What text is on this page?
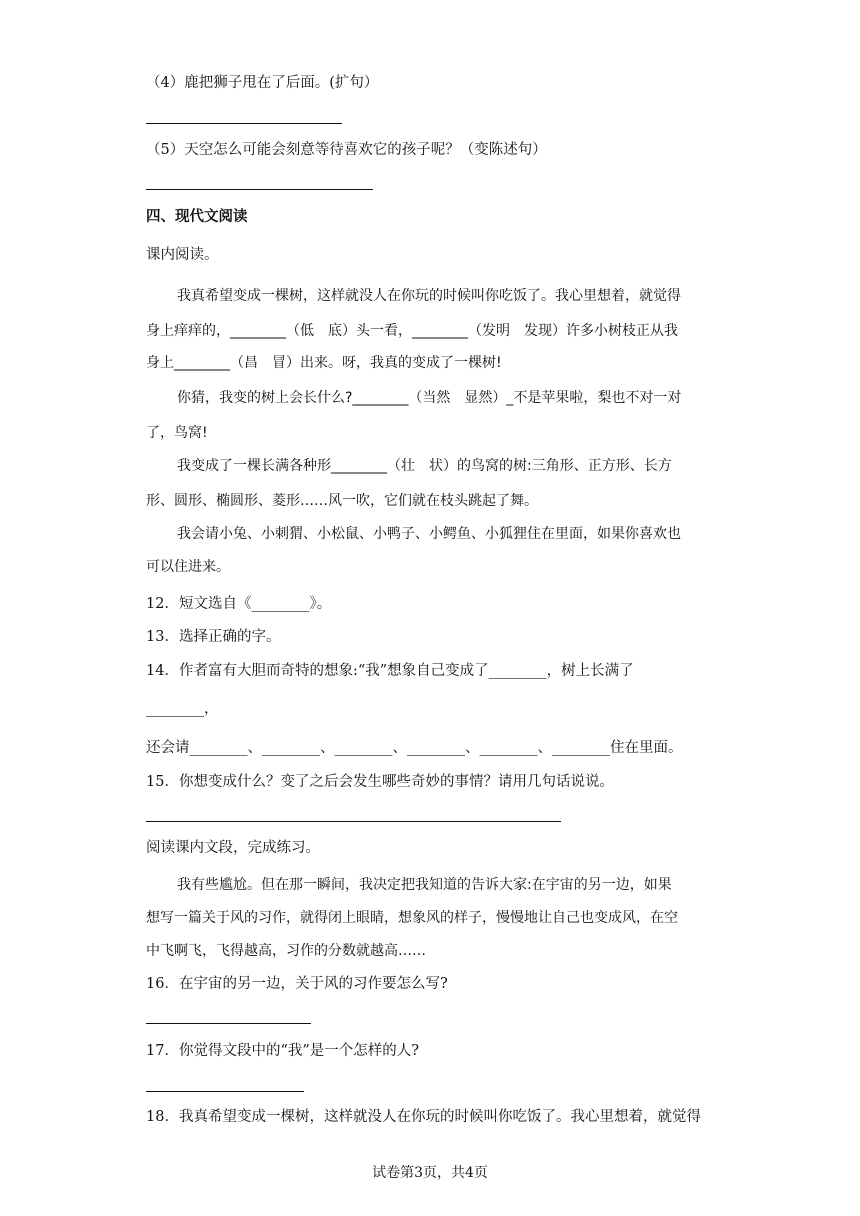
（4）鹿把狮子甩在了后面。(扩句）
（5）天空怎么可能会刻意等待喜欢它的孩子呢？（变陈述句）
四、现代文阅读
课内阅读。
我真希望变成一棵树，这样就没人在你玩的时候叫你吃饭了。我心里想着，就觉得
身上痒痒的，________（低　底）头一看，________（发明　发现）许多小树枝正从我
身上________（昌　冒）出来。呀，我真的变成了一棵树!
你猜，我变的树上会长什么?________（当然　显然）_不是苹果啦，梨也不对一对
了，鸟窝!
我变成了一棵长满各种形________（壮　状）的鸟窝的树:三角形、正方形、长方
形、圆形、椭圆形、菱形……风一吹，它们就在枝头跳起了舞。
我会请小兔、小刺猬、小松鼠、小鸭子、小鳄鱼、小狐狸住在里面，如果你喜欢也
可以住进来。
12．短文选自《________》。
13．选择正确的字。
14．作者富有大胆而奇特的想象:“我”想象自己变成了________，树上长满了
________，
还会请________、________、________、________、________、________住在里面。
15．你想变成什么？变了之后会发生哪些奇妙的事情？请用几句话说说。
阅读课内文段，完成练习。
我有些尴尬。但在那一瞬间，我决定把我知道的告诉大家:在宇宙的另一边，如果
想写一篇关于风的习作，就得闭上眼睛，想象风的样子，慢慢地让自己也变成风，在空
中飞啊飞，飞得越高，习作的分数就越高……
16．在宇宙的另一边，关于风的习作要怎么写?
17．你觉得文段中的“我”是一个怎样的人?
18．我真希望变成一棵树，这样就没人在你玩的时候叫你吃饭了。我心里想着，就觉得
试卷第3页，共4页
